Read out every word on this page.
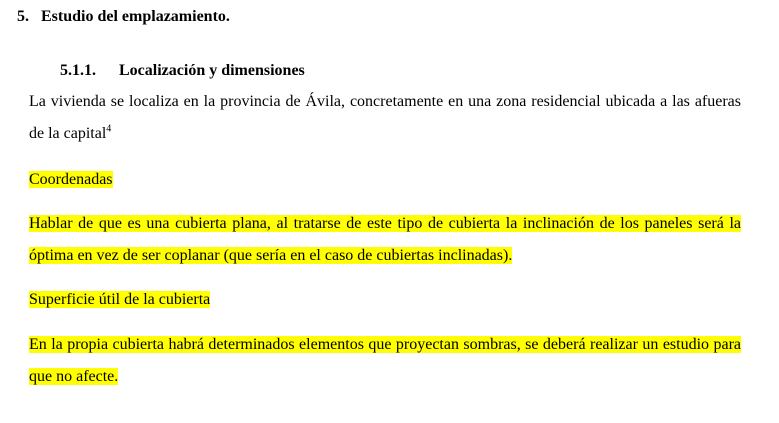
5. Estudio del emplazamiento.
5.1.1. Localización y dimensiones
La vivienda se localiza en la provincia de Ávila, concretamente en una zona residencial ubicada a las afueras de la capital$^4$
Coordenadas
Hablar de que es una cubierta plana, al tratarse de este tipo de cubierta la inclinación de los paneles será la óptima en vez de ser coplanar (que sería en el caso de cubiertas inclinadas).
Superficie útil de la cubierta
En la propia cubierta habrá determinados elementos que proyectan sombras, se deberá realizar un estudio para que no afecte.
